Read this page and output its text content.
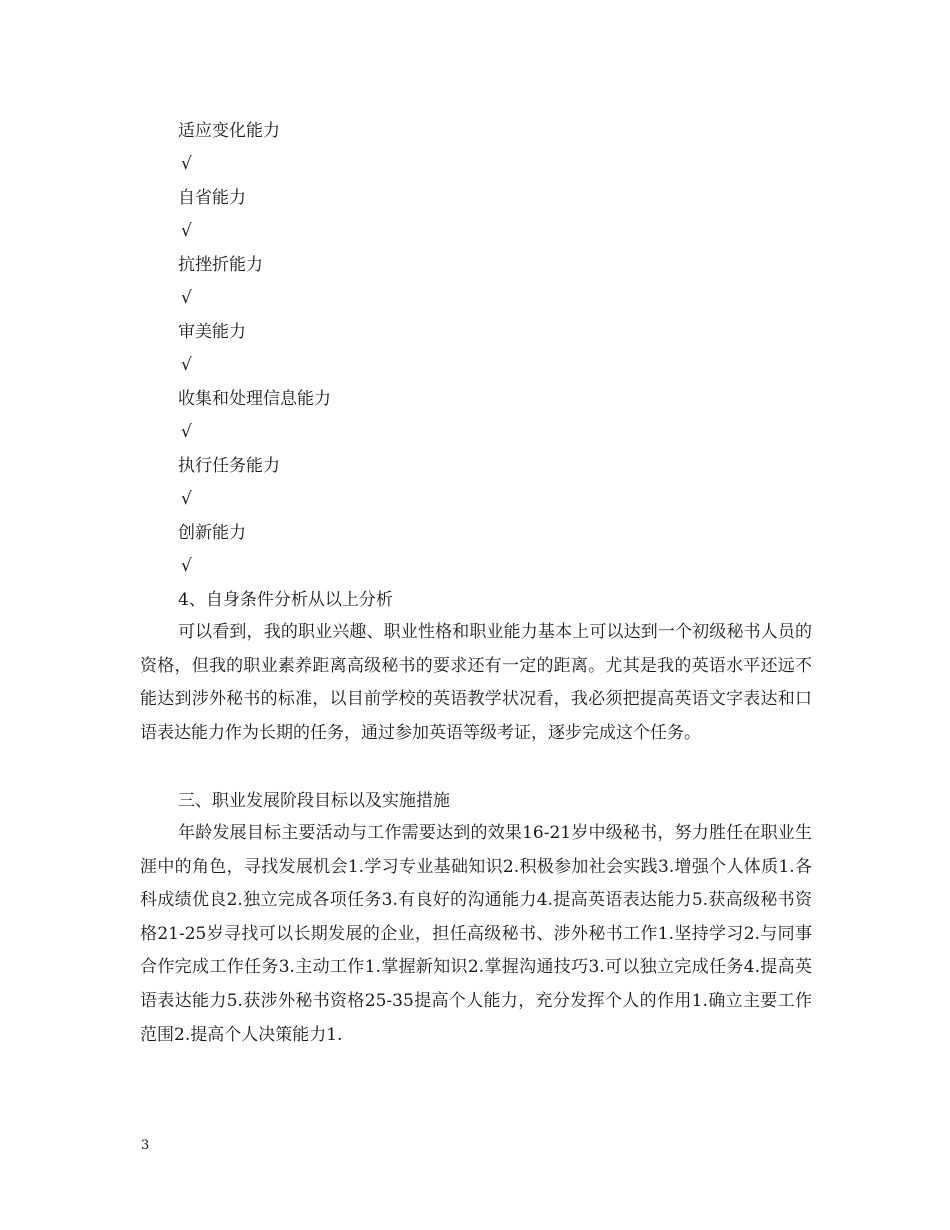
适应变化能力
√
自省能力
√
抗挫折能力
√
审美能力
√
收集和处理信息能力
√
执行任务能力
√
创新能力
√
4、自身条件分析从以上分析

可以看到，我的职业兴趣、职业性格和职业能力基本上可以达到一个初级秘书人员的资格，但我的职业素养距离高级秘书的要求还有一定的距离。尤其是我的英语水平还远不能达到涉外秘书的标准，以目前学校的英语教学状况看，我必须把提高英语文字表达和口语表达能力作为长期的任务，通过参加英语等级考证，逐步完成这个任务。

三、职业发展阶段目标以及实施措施

年龄发展目标主要活动与工作需要达到的效果16-21岁中级秘书，努力胜任在职业生涯中的角色，寻找发展机会1.学习专业基础知识2.积极参加社会实践3.增强个人体质1.各科成绩优良2.独立完成各项任务3.有良好的沟通能力4.提高英语表达能力5.获高级秘书资格21-25岁寻找可以长期发展的企业，担任高级秘书、涉外秘书工作1.坚持学习2.与同事合作完成工作任务3.主动工作1.掌握新知识2.掌握沟通技巧3.可以独立完成任务4.提高英语表达能力5.获涉外秘书资格25-35提高个人能力，充分发挥个人的作用1.确立主要工作范围2.提高个人决策能力1.

3
